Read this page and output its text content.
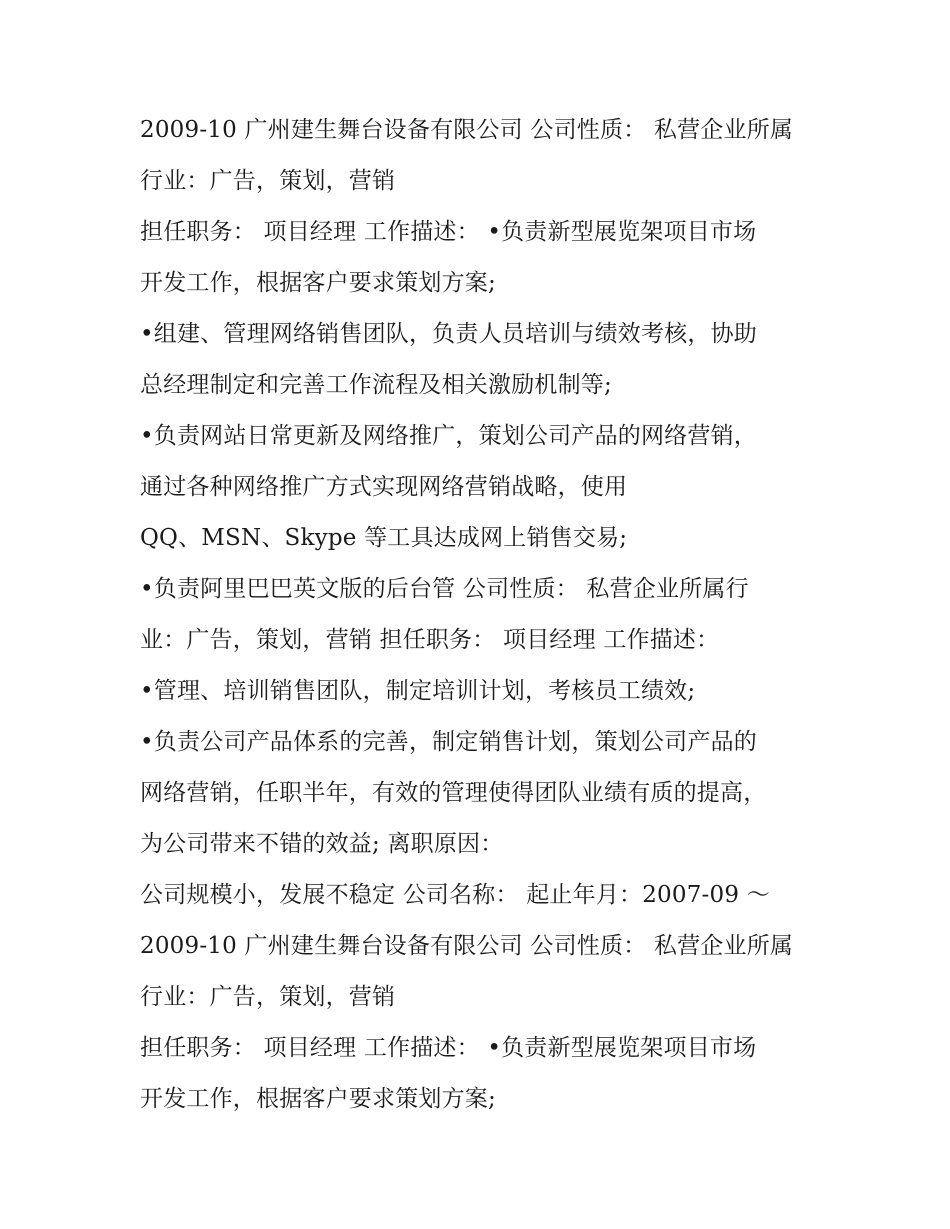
2009-10 广州建生舞台设备有限公司 公司性质： 私营企业所属
行业：广告，策划，营销
担任职务： 项目经理 工作描述： •负责新型展览架项目市场
开发工作，根据客户要求策划方案;
•组建、管理网络销售团队，负责人员培训与绩效考核，协助
总经理制定和完善工作流程及相关激励机制等;
•负责网站日常更新及网络推广，策划公司产品的网络营销，
通过各种网络推广方式实现网络营销战略，使用
QQ、MSN、Skype 等工具达成网上销售交易;
•负责阿里巴巴英文版的后台管 公司性质： 私营企业所属行
业：广告，策划，营销 担任职务： 项目经理 工作描述：
•管理、培训销售团队，制定培训计划，考核员工绩效;
•负责公司产品体系的完善，制定销售计划，策划公司产品的
网络营销，任职半年，有效的管理使得团队业绩有质的提高，
为公司带来不错的效益; 离职原因：
公司规模小，发展不稳定 公司名称： 起止年月：2007-09 ～
2009-10 广州建生舞台设备有限公司 公司性质： 私营企业所属
行业：广告，策划，营销
担任职务： 项目经理 工作描述： •负责新型展览架项目市场
开发工作，根据客户要求策划方案;
